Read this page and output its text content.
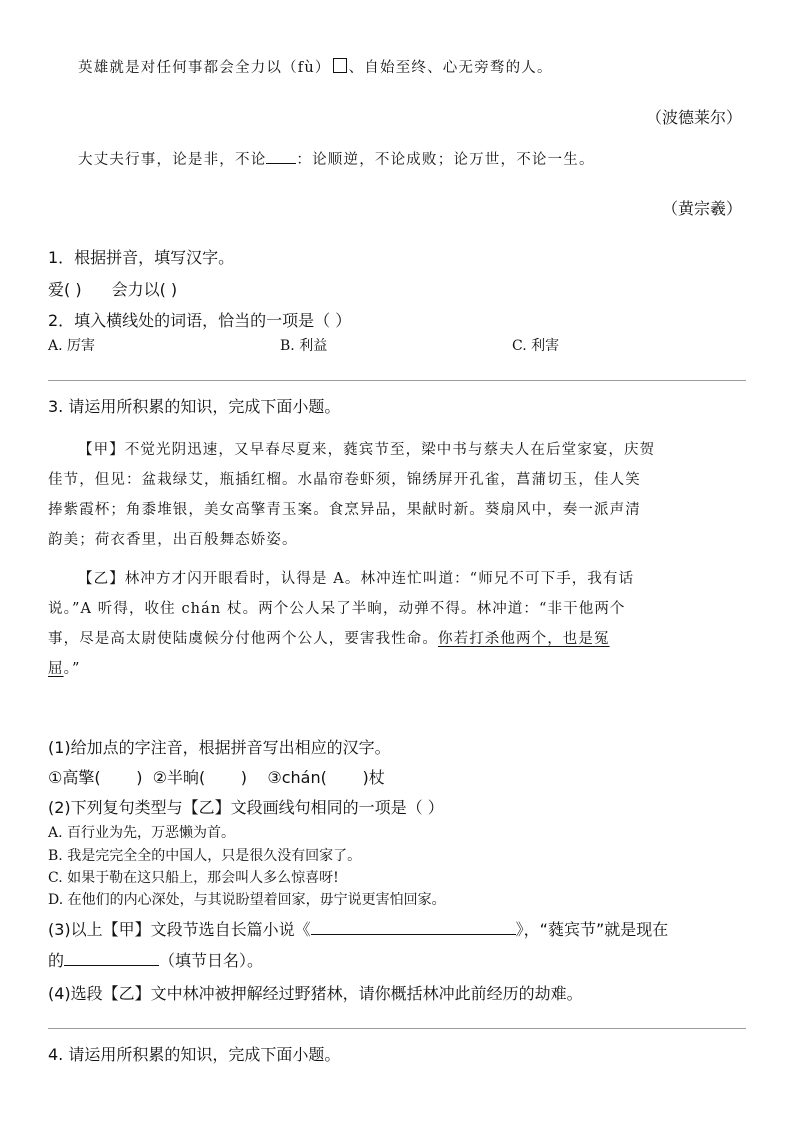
英雄就是对任何事都会全力以（fù） 、自始至终、心无旁骛的人。
（波德莱尔）
大丈夫行事，论是非，不论 ：论顺逆，不论成败；论万世，不论一生。
（黄宗羲）
1．根据拼音，填写汉字。
爱( ) 会力以( )
2．填入横线处的词语，恰当的一项是（ ）
A. 厉害	B. 利益	C. 利害
3. 请运用所积累的知识，完成下面小题。
【甲】不觉光阴迅速，又早春尽夏来，蕤宾节至，梁中书与蔡夫人在后堂家宴，庆贺
佳节，但见：盆栽绿艾，瓶插红榴。水晶帘卷虾须，锦绣屏开孔雀，菖蒲切玉，佳人笑
捧紫霞杯；角黍堆银，美女高擎青玉案。食烹异品，果献时新。葵扇风中，奏一派声清
韵美；荷衣香里，出百般舞态娇姿。
【乙】林冲方才闪开眼看时，认得是 A。林冲连忙叫道：“师兄不可下手，我有话
说。”A 听得，收住 chán 杖。两个公人呆了半晌，动弹不得。林冲道：“非干他两个
事，尽是高太尉使陆虞候分付他两个公人，要害我性命。你若打杀他两个，也是冤
屈。”
(1)给加点的字注音，根据拼音写出相应的汉字。
①高擎(       )  ②半晌(       )    ③chán(       )杖
(2)下列复句类型与【乙】文段画线句相同的一项是（ ）
A. 百行业为先，万恶懒为首。
B. 我是完完全全的中国人，只是很久没有回家了。
C. 如果于勒在这只船上，那会叫人多么惊喜呀!
D. 在他们的内心深处，与其说盼望着回家，毋宁说更害怕回家。
(3)以上【甲】文段节选自长篇小说《	》，“蕤宾节”就是现在
的	（填节日名）。
(4)选段【乙】文中林冲被押解经过野猪林，请你概括林冲此前经历的劫难。
4. 请运用所积累的知识，完成下面小题。
